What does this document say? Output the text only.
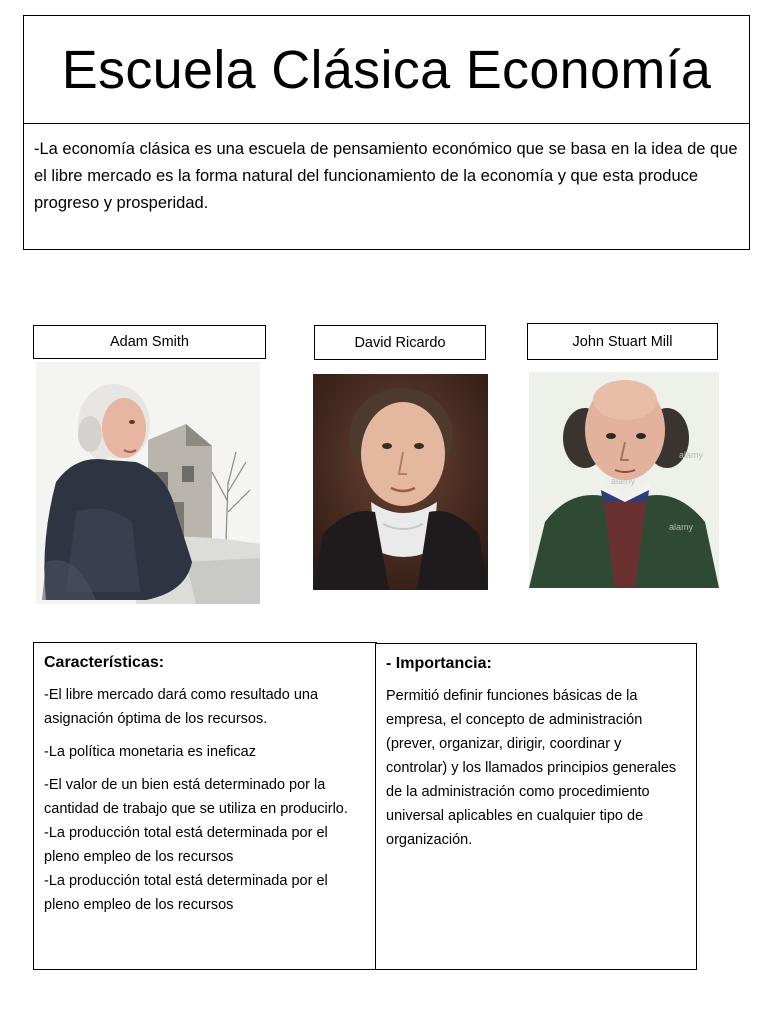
Escuela Clásica Economía

-La economía clásica es una escuela de pensamiento económico que se basa en la idea de que el libre mercado es la forma natural del funcionamiento de la economía y que esta produce progreso y prosperidad.

Adam Smith	David Ricardo	John Stuart Mill
alamy
alamy
alamy
Características:

-El libre mercado dará como resultado una asignación óptima de los recursos.

-La política monetaria es ineficaz

-El valor de un bien está determinado por la cantidad de trabajo que se utiliza en producirlo.

-La producción total está determinada por el pleno empleo de los recursos

-La producción total está determinada por el pleno empleo de los recursos

- Importancia:

Permitió definir funciones básicas de la empresa, el concepto de administración (prever, organizar, dirigir, coordinar y controlar) y los llamados principios generales de la administración como procedimiento universal aplicables en cualquier tipo de organización.
